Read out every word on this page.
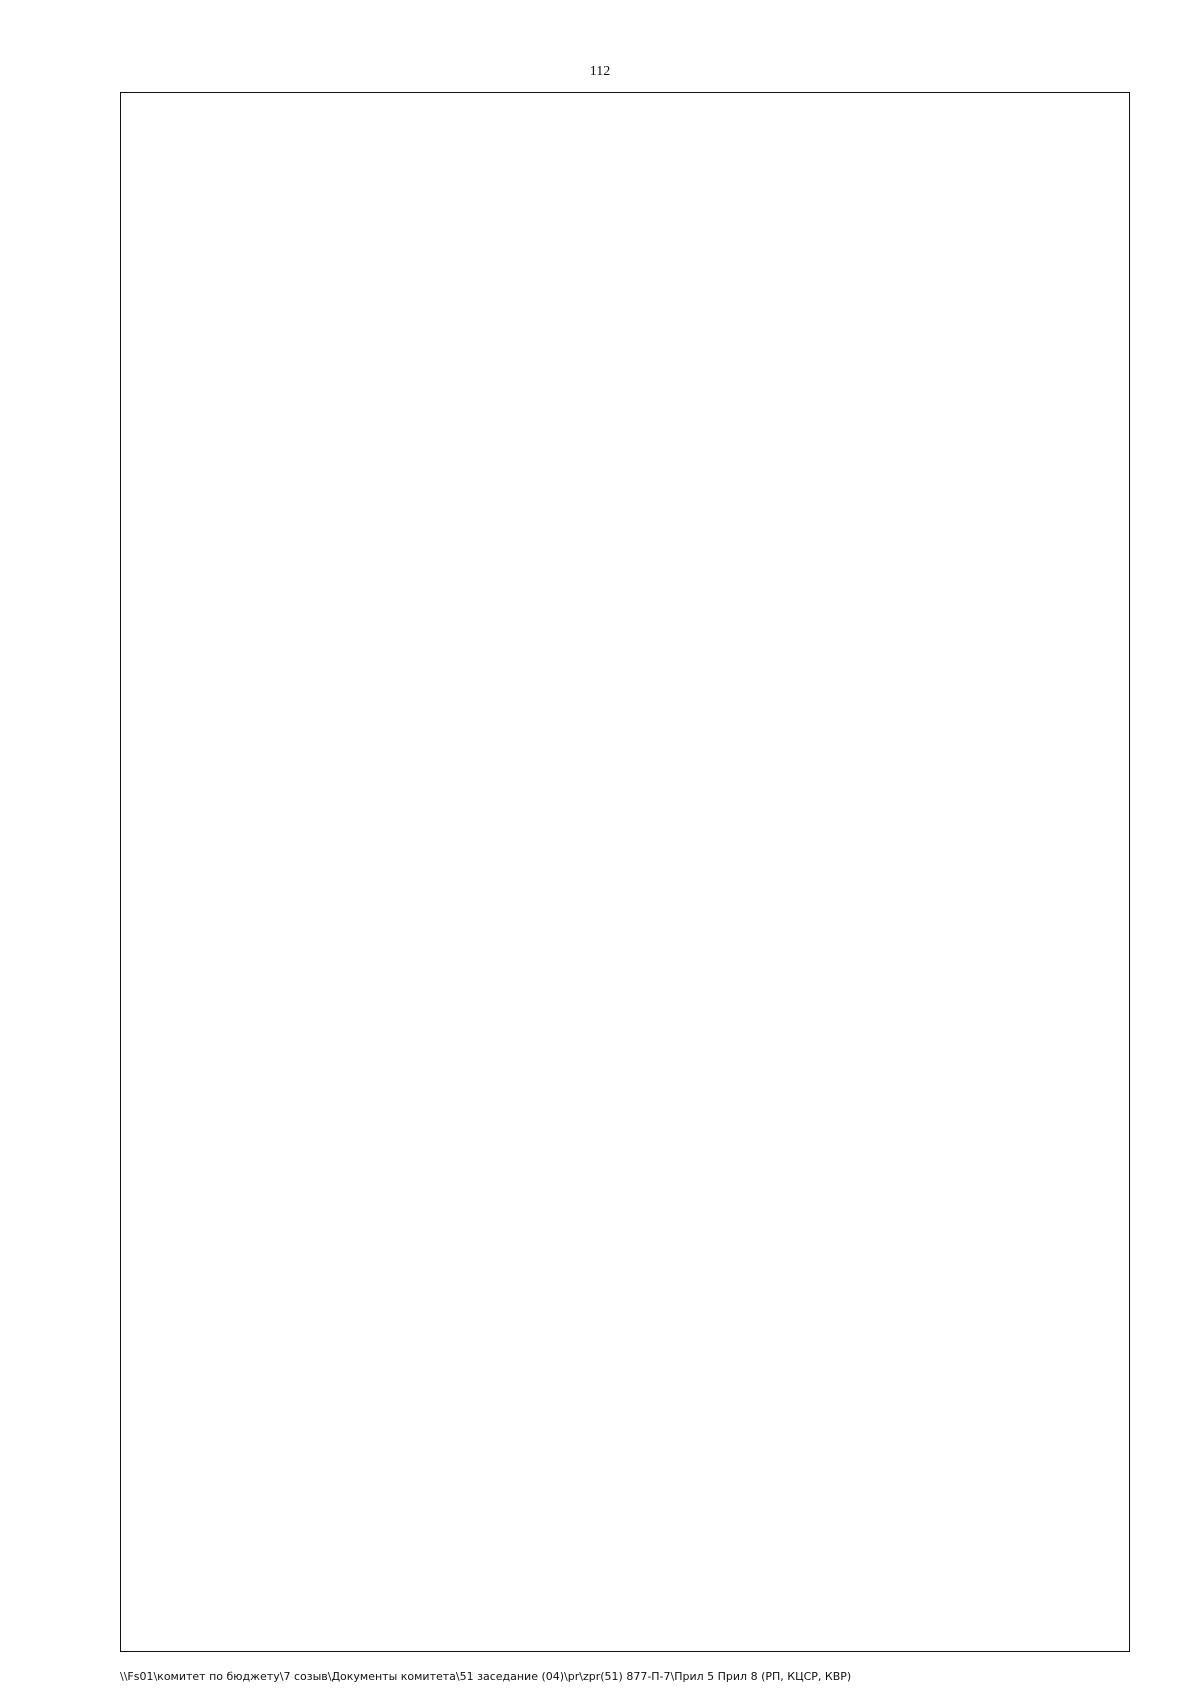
112
\\Fs01\комитет по бюджету\7 созыв\Документы комитета\51 заседание (04)\pr\zpr(51) 877-П-7\Прил 5 Прил 8 (РП, КЦСР, КВР)
